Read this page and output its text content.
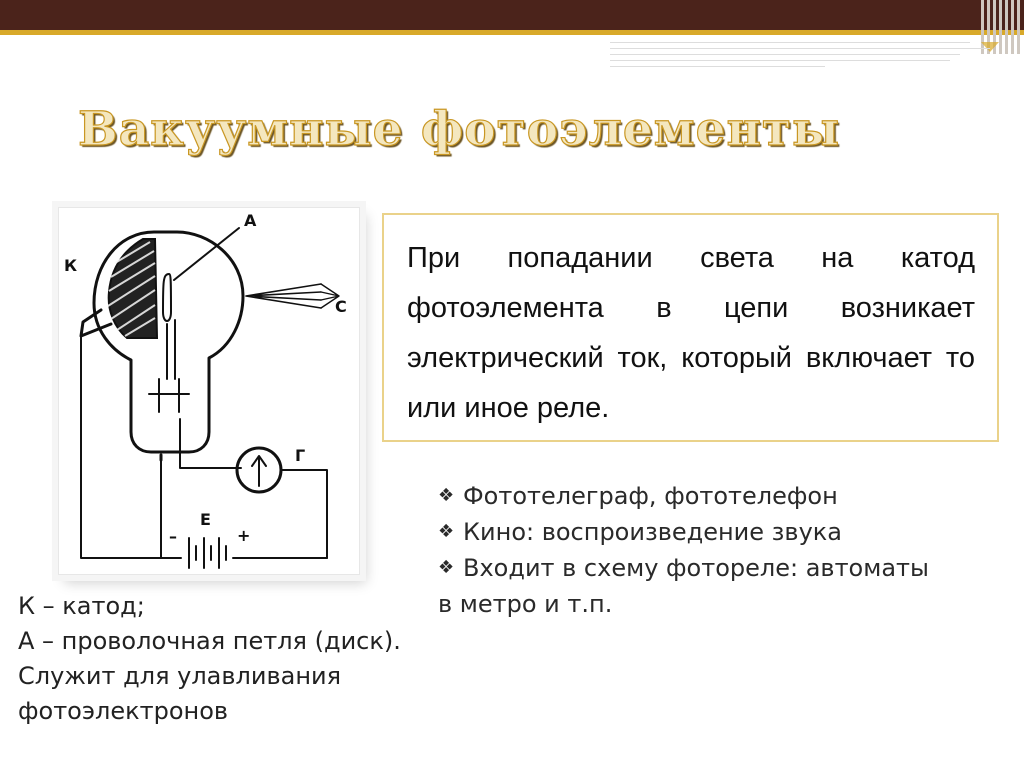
Вакуумные фотоэлементы
К
А
С
Г
Е
+
–

При попадании света на катод фотоэлемента в цепи возникает электрический ток, который включает то или иное реле.

❖ Фототелеграф, фототелефон
❖ Кино: воспроизведение звука
❖ Входит в схему фотореле: автоматы
в метро и т.п.
К – катод;
А – проволочная петля (диск).
Служит для улавливания
фотоэлектронов
